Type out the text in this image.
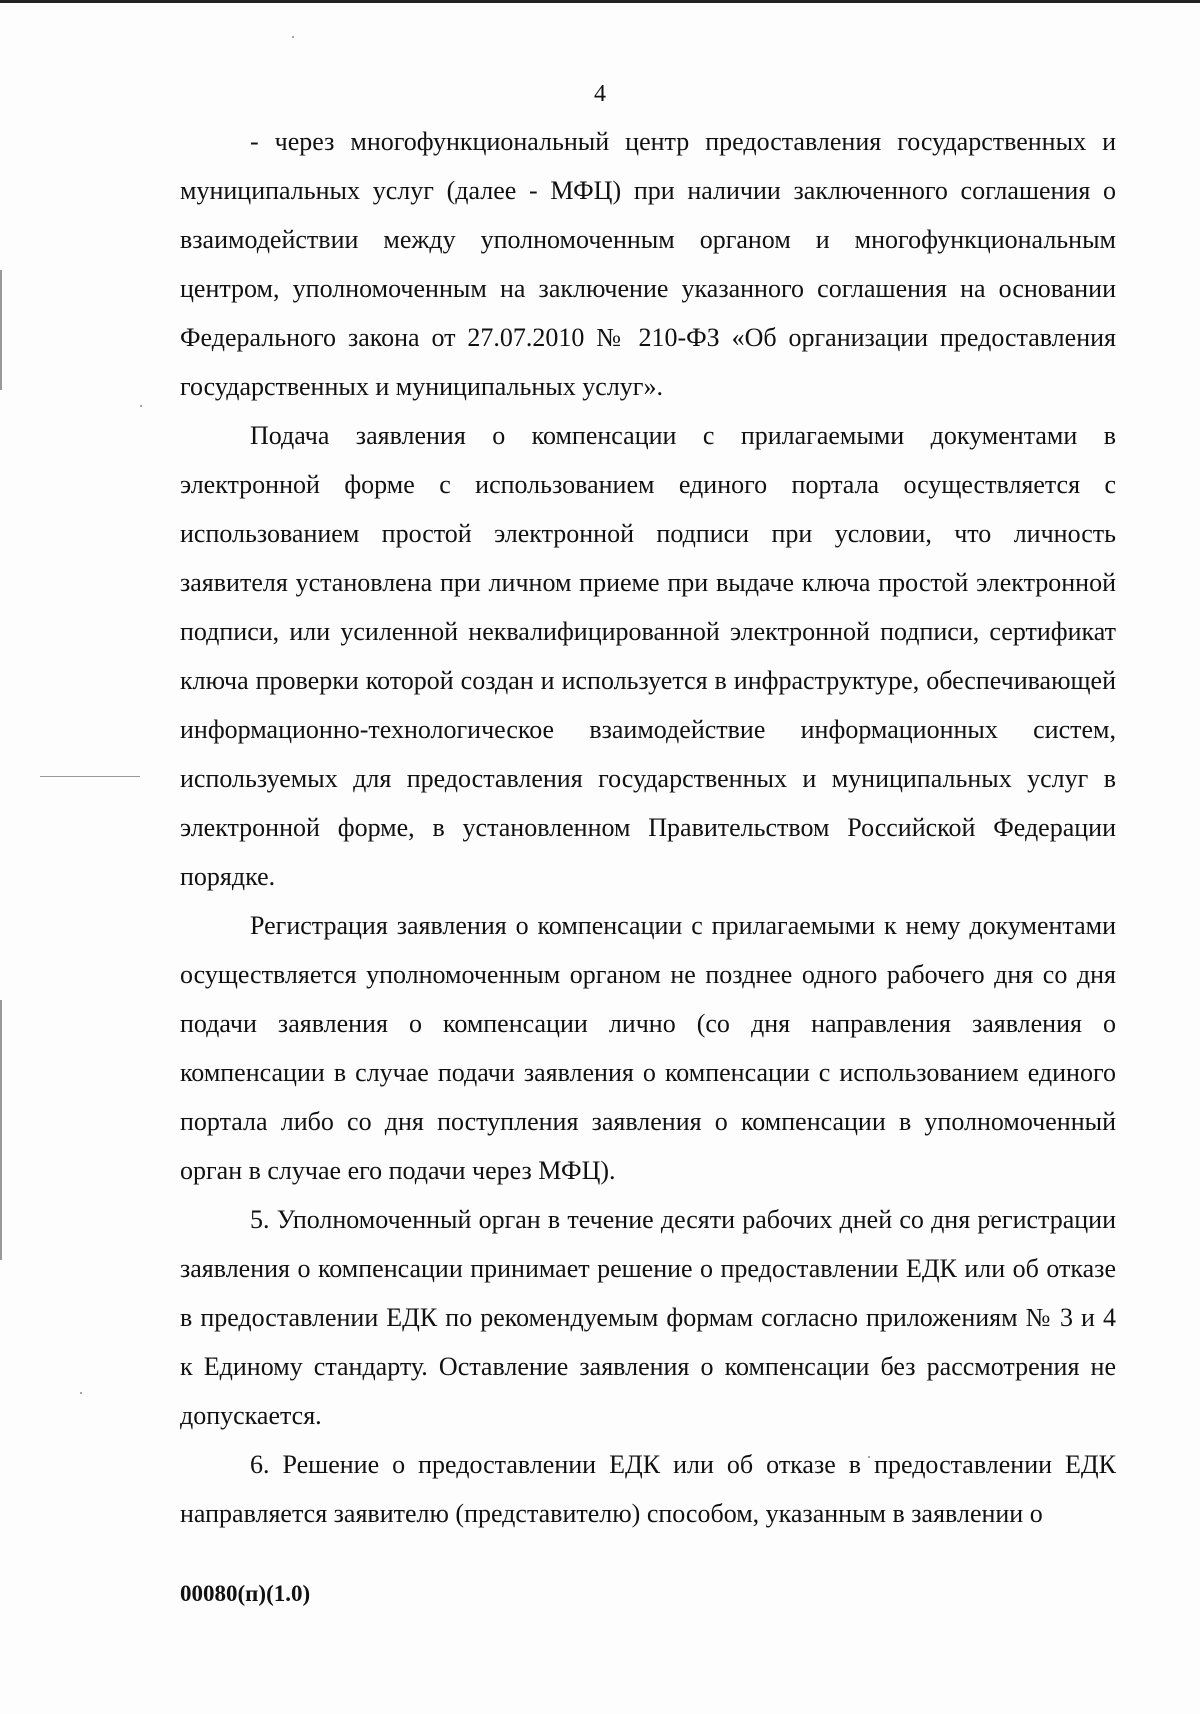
4

- через многофункциональный центр предоставления государственных и муниципальных услуг (далее - МФЦ) при наличии заключенного соглашения о взаимодействии между уполномоченным органом и многофункциональным центром, уполномоченным на заключение указанного соглашения на основании Федерального закона от 27.07.2010 № 210-ФЗ «Об организации предоставления государственных и муниципальных услуг».

Подача заявления о компенсации с прилагаемыми документами в электронной форме с использованием единого портала осуществляется с использованием простой электронной подписи при условии, что личность заявителя установлена при личном приеме при выдаче ключа простой электронной подписи, или усиленной неквалифицированной электронной подписи, сертификат ключа проверки которой создан и используется в инфраструктуре, обеспечивающей информационно-технологическое взаимодействие информационных систем, используемых для предоставления государственных и муниципальных услуг в электронной форме, в установленном Правительством Российской Федерации порядке.

Регистрация заявления о компенсации с прилагаемыми к нему документами осуществляется уполномоченным органом не позднее одного рабочего дня со дня подачи заявления о компенсации лично (со дня направления заявления о компенсации в случае подачи заявления о компенсации с использованием единого портала либо со дня поступления заявления о компенсации в уполномоченный орган в случае его подачи через МФЦ).

5. Уполномоченный орган в течение десяти рабочих дней со дня регистрации заявления о компенсации принимает решение о предоставлении ЕДК или об отказе в предоставлении ЕДК по рекомендуемым формам согласно приложениям № 3 и 4 к Единому стандарту. Оставление заявления о компенсации без рассмотрения не допускается.

6. Решение о предоставлении ЕДК или об отказе в предоставлении ЕДК направляется заявителю (представителю) способом, указанным в заявлении о

00080(п)(1.0)
